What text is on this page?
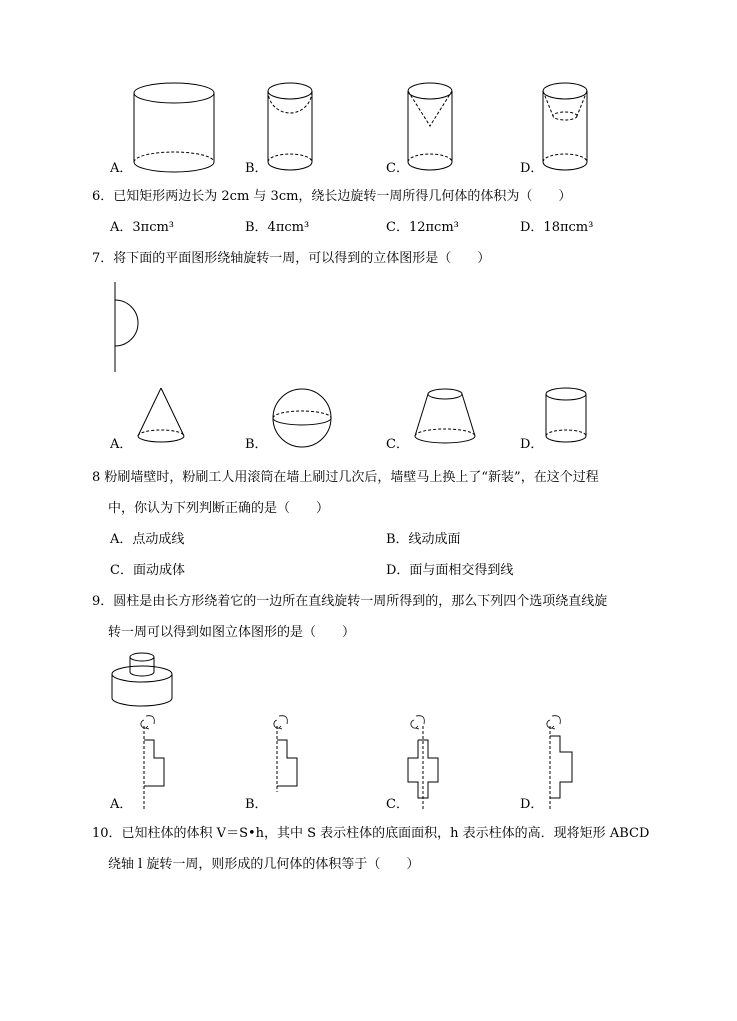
A．	B．	C．	D．
6．已知矩形两边长为 2cm 与 3cm，绕长边旋转一周所得几何体的体积为（　　）
A．3πcm³	B．4πcm³	C．12πcm³	D．18πcm³
7．将下面的平面图形绕轴旋转一周，可以得到的立体图形是（　　）
A．	B．	C．	D．
8 粉刷墙壁时，粉刷工人用滚筒在墙上刷过几次后，墙壁马上换上了“新装”，在这个过程
中，你认为下列判断正确的是（　　）
A．点动成线	B．线动成面
C．面动成体	D．面与面相交得到线
9．圆柱是由长方形绕着它的一边所在直线旋转一周所得到的，那么下列四个选项绕直线旋
转一周可以得到如图立体图形的是（　　）
A．	B．	C．	D．
10．已知柱体的体积 V＝S•h，其中 S 表示柱体的底面面积，h 表示柱体的高．现将矩形 ABCD
绕轴 l 旋转一周，则形成的几何体的体积等于（　　）
